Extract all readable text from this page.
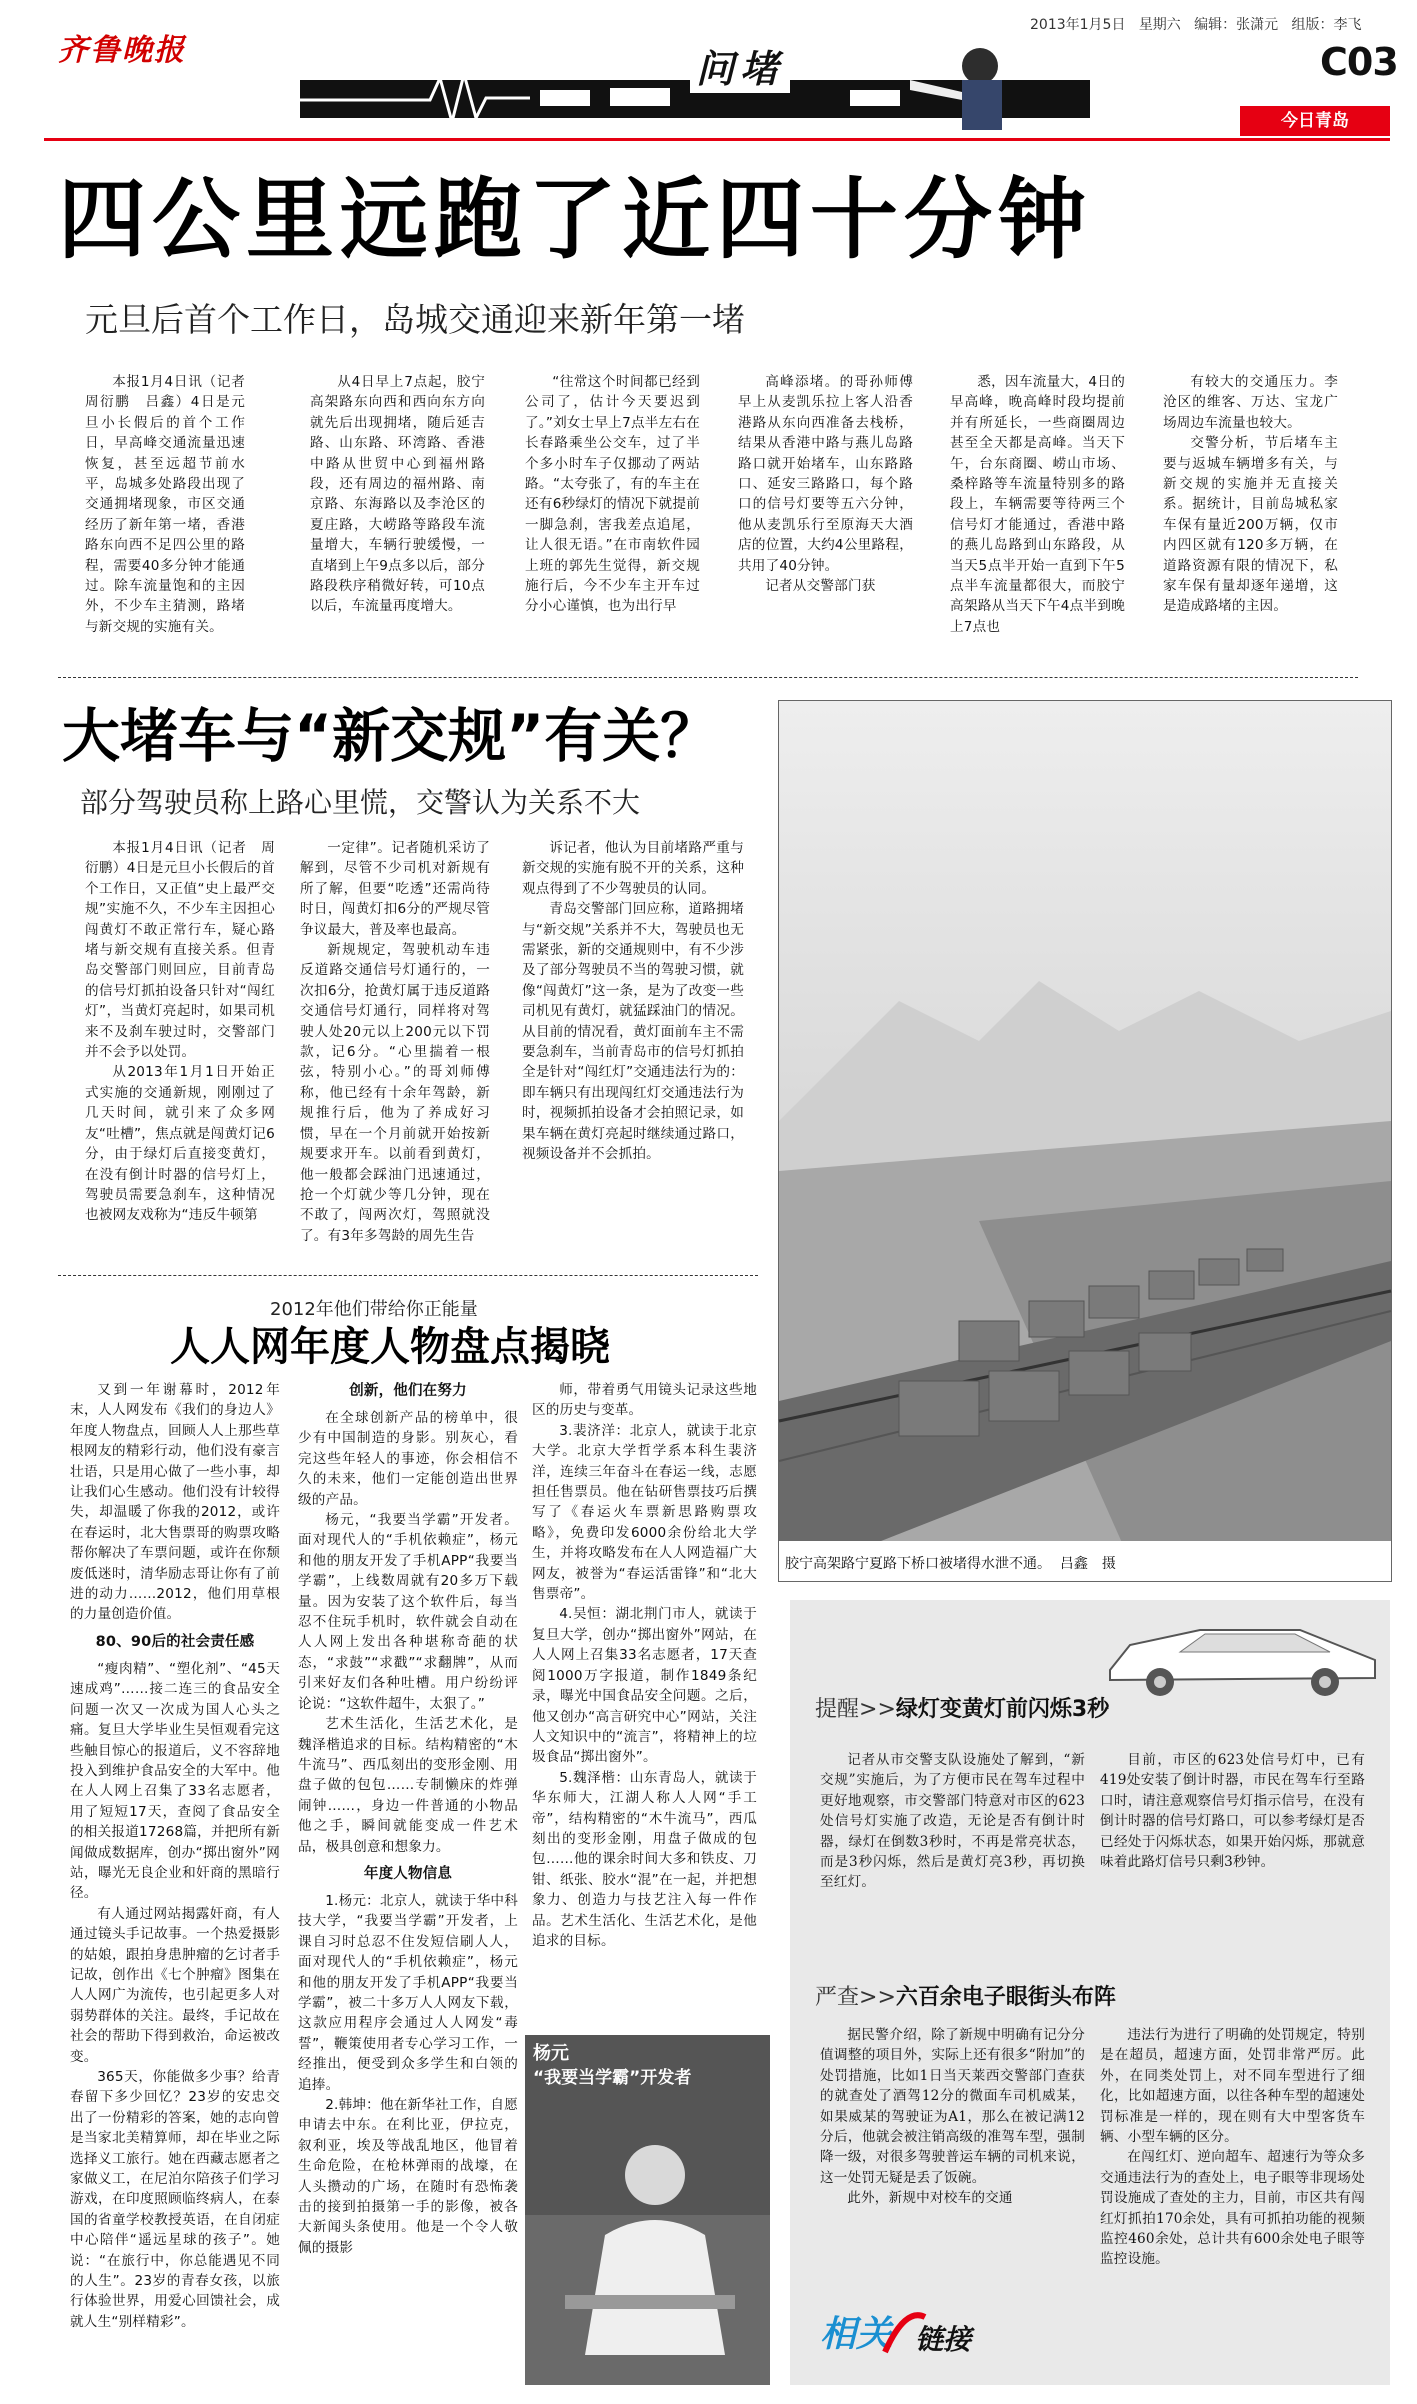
齐鲁晚报
2013年1月5日 星期六 编辑：张潇元 组版：李飞
问堵	C03
今日青岛
四公里远跑了近四十分钟
元旦后首个工作日，岛城交通迎来新年第一堵

本报1月4日讯（记者　周衍鹏　吕鑫）4日是元旦小长假后的首个工作日，早高峰交通流量迅速恢复，甚至远超节前水平，岛城多处路段出现了交通拥堵现象，市区交通经历了新年第一堵，香港路东向西不足四公里的路程，需要40多分钟才能通过。除车流量饱和的主因外，不少车主猜测，路堵与新交规的实施有关。

从4日早上7点起，胶宁高架路东向西和西向东方向就先后出现拥堵，随后延吉路、山东路、环湾路、香港中路从世贸中心到福州路段，还有周边的福州路、南京路、东海路以及李沧区的夏庄路，大崂路等路段车流量增大，车辆行驶缓慢，一直堵到上午9点多以后，部分路段秩序稍微好转，可10点以后，车流量再度增大。

“往常这个时间都已经到公司了，估计今天要迟到了。”刘女士早上7点半左右在长春路乘坐公交车，过了半个多小时车子仅挪动了两站路。“太夸张了，有的车主在还有6秒绿灯的情况下就提前一脚急刹，害我差点追尾，让人很无语。”在市南软件园上班的郭先生觉得，新交规施行后，今不少车主开车过分小心谨慎，也为出行早

高峰添堵。的哥孙师傅早上从麦凯乐拉上客人沿香港路从东向西准备去栈桥，结果从香港中路与燕儿岛路路口就开始堵车，山东路路口、延安三路路口，每个路口的信号灯要等五六分钟，他从麦凯乐行至原海天大酒店的位置，大约4公里路程，共用了40分钟。

记者从交警部门获

悉，因车流量大，4日的早高峰，晚高峰时段均提前并有所延长，一些商圈周边甚至全天都是高峰。当天下午，台东商圈、崂山市场、桑梓路等车流量特别多的路段上，车辆需要等待两三个信号灯才能通过，香港中路的燕儿岛路到山东路段，从当天5点半开始一直到下午5点半车流量都很大，而胶宁高架路从当天下午4点半到晚上7点也

有较大的交通压力。李沧区的维客、万达、宝龙广场周边车流量也较大。

交警分析，节后堵车主要与返城车辆增多有关，与新交规的实施并无直接关系。据统计，目前岛城私家车保有量近200万辆，仅市内四区就有120多万辆，在道路资源有限的情况下，私家车保有量却逐年递增，这是造成路堵的主因。

大堵车与“新交规”有关？
部分驾驶员称上路心里慌，交警认为关系不大

本报1月4日讯（记者　周衍鹏）4日是元旦小长假后的首个工作日，又正值“史上最严交规”实施不久，不少车主因担心闯黄灯不敢正常行车，疑心路堵与新交规有直接关系。但青岛交警部门则回应，目前青岛的信号灯抓拍设备只针对“闯红灯”，当黄灯亮起时，如果司机来不及刹车驶过时，交警部门并不会予以处罚。

从2013年1月1日开始正式实施的交通新规，刚刚过了几天时间，就引来了众多网友“吐槽”，焦点就是闯黄灯记6分，由于绿灯后直接变黄灯，在没有倒计时器的信号灯上，驾驶员需要急刹车，这种情况也被网友戏称为“违反牛顿第

一定律”。记者随机采访了解到，尽管不少司机对新规有所了解，但要“吃透”还需尚待时日，闯黄灯扣6分的严规尽管争议最大，普及率也最高。

新规规定，驾驶机动车违反道路交通信号灯通行的，一次扣6分，抢黄灯属于违反道路交通信号灯通行，同样将对驾驶人处20元以上200元以下罚款，记6分。“心里揣着一根弦，特别小心。”的哥刘师傅称，他已经有十余年驾龄，新规推行后，他为了养成好习惯，早在一个月前就开始按新规要求开车。以前看到黄灯，他一般都会踩油门迅速通过，抢一个灯就少等几分钟，现在不敢了，闯两次灯，驾照就没了。有3年多驾龄的周先生告

诉记者，他认为目前堵路严重与新交规的实施有脱不开的关系，这种观点得到了不少驾驶员的认同。

青岛交警部门回应称，道路拥堵与“新交规”关系并不大，驾驶员也无需紧张，新的交通规则中，有不少涉及了部分驾驶员不当的驾驶习惯，就像“闯黄灯”这一条，是为了改变一些司机见有黄灯，就猛踩油门的情况。从目前的情况看，黄灯面前车主不需要急刹车，当前青岛市的信号灯抓拍全是针对“闯红灯”交通违法行为的：即车辆只有出现闯红灯交通违法行为时，视频抓拍设备才会拍照记录，如果车辆在黄灯亮起时继续通过路口，视频设备并不会抓拍。

胶宁高架路宁夏路下桥口被堵得水泄不通。 吕鑫　摄
2012年他们带给你正能量
人人网年度人物盘点揭晓

又到一年谢幕时，2012年末，人人网发布《我们的身边人》年度人物盘点，回顾人人上那些草根网友的精彩行动，他们没有豪言壮语，只是用心做了一些小事，却让我们心生感动。他们没有计较得失，却温暖了你我的2012，或许在春运时，北大售票哥的购票攻略帮你解决了车票问题，或许在你颓废低迷时，清华励志哥让你有了前进的动力……2012，他们用草根的力量创造价值。

80、90后的社会责任感

“瘦肉精”、“塑化剂”、“45天速成鸡”……接二连三的食品安全问题一次又一次成为国人心头之痛。复旦大学毕业生吴恒观看完这些触目惊心的报道后，义不容辞地投入到维护食品安全的大军中。他在人人网上召集了33名志愿者，用了短短17天，查阅了食品安全的相关报道17268篇，并把所有新闻做成数据库，创办“掷出窗外”网站，曝光无良企业和奸商的黑暗行径。

有人通过网站揭露奸商，有人通过镜头手记故事。一个热爱摄影的姑娘，跟拍身患肿瘤的乞讨者手记故，创作出《七个肿瘤》图集在人人网广为流传，也引起更多人对弱势群体的关注。最终，手记故在社会的帮助下得到救治，命运被改变。

365天，你能做多少事？给青春留下多少回忆？23岁的安忠交出了一份精彩的答案，她的志向曾是当家北美精算师，却在毕业之际选择义工旅行。她在西藏志愿者之家做义工，在尼泊尔陪孩子们学习游戏，在印度照顾临终病人，在泰国的省童学校教授英语，在自闭症中心陪伴“遥远星球的孩子”。她说：“在旅行中，你总能遇见不同的人生”。23岁的青春女孩，以旅行体验世界，用爱心回馈社会，成就人生“别样精彩”。

创新，他们在努力

在全球创新产品的榜单中，很少有中国制造的身影。别灰心，看完这些年轻人的事迹，你会相信不久的未来，他们一定能创造出世界级的产品。

杨元，“我要当学霸”开发者。面对现代人的“手机依赖症”，杨元和他的朋友开发了手机APP“我要当学霸”，上线数周就有20多万下载量。因为安装了这个软件后，每当忍不住玩手机时，软件就会自动在人人网上发出各种堪称奇葩的状态，“求鼓”“求戳”“求翻牌”，从而引来好友们各种吐槽。用户纷纷评论说：“这软件超牛，太狠了。”

艺术生活化，生活艺术化，是魏泽楷追求的目标。结构精密的“木牛流马”、西瓜刻出的变形金刚、用盘子做的包包……专制懒床的炸弹闹钟……，身边一件普通的小物品他之手，瞬间就能变成一件艺术品，极具创意和想象力。

年度人物信息

1.杨元：北京人，就读于华中科技大学，“我要当学霸”开发者，上课自习时总忍不住发短信刷人人，面对现代人的“手机依赖症”，杨元和他的朋友开发了手机APP“我要当学霸”，被二十多万人人网友下载，这款应用程序会通过人人网发“毒誓”，鞭策使用者专心学习工作，一经推出，便受到众多学生和白领的追捧。

2.韩坤：他在新华社工作，自愿申请去中东。在利比亚，伊拉克，叙利亚，埃及等战乱地区，他冒着生命危险，在枪林弹雨的战壕，在人头攒动的广场，在随时有恐怖袭击的接到拍摄第一手的影像，被各大新闻头条使用。他是一个令人敬佩的摄影

师，带着勇气用镜头记录这些地区的历史与变革。

3.裴济洋：北京人，就读于北京大学。北京大学哲学系本科生裴济洋，连续三年奋斗在春运一线，志愿担任售票员。他在钻研售票技巧后撰写了《春运火车票新思路购票攻略》，免费印发6000余份给北大学生，并将攻略发布在人人网造福广大网友，被誉为“春运活雷锋”和“北大售票帝”。

4.吴恒：湖北荆门市人，就读于复旦大学，创办“掷出窗外”网站，在人人网上召集33名志愿者，17天查阅1000万字报道，制作1849条纪录，曝光中国食品安全问题。之后，他又创办“高言研究中心”网站，关注人文知识中的“流言”，将精神上的垃圾食品“掷出窗外”。

5.魏泽楷：山东青岛人，就读于华东师大，江湖人称人人网“手工帝”，结构精密的“木牛流马”，西瓜刻出的变形金刚，用盘子做成的包包……他的课余时间大多和铁皮、刀钳、纸张、胶水“混”在一起，并把想象力、创造力与技艺注入每一件作品。艺术生活化、生活艺术化，是他追求的目标。

杨元
“我要当学霸”开发者
提醒>>绿灯变黄灯前闪烁3秒

记者从市交警支队设施处了解到，“新交规”实施后，为了方便市民在驾车过程中更好地观察，市交警部门特意对市区的623处信号灯实施了改造，无论是否有倒计时器，绿灯在倒数3秒时，不再是常亮状态，而是3秒闪烁，然后是黄灯亮3秒，再切换至红灯。

目前，市区的623处信号灯中，已有419处安装了倒计时器，市民在驾车行至路口时，请注意观察信号灯指示信号，在没有倒计时器的信号灯路口，可以参考绿灯是否已经处于闪烁状态，如果开始闪烁，那就意味着此路灯信号只剩3秒钟。

严查>>六百余电子眼街头布阵

据民警介绍，除了新规中明确有记分分值调整的项目外，实际上还有很多“附加”的处罚措施，比如1日当天莱西交警部门查获的就查处了酒驾12分的微面车司机威某，如果威某的驾驶证为A1，那么在被记满12分后，他就会被注销高级的准驾车型，强制降一级，对很多驾驶普运车辆的司机来说，这一处罚无疑是丢了饭碗。

此外，新规中对校车的交通

违法行为进行了明确的处罚规定，特别是在超员，超速方面，处罚非常严厉。此外，在同类处罚上，对不同车型进行了细化，比如超速方面，以往各种车型的超速处罚标准是一样的，现在则有大中型客货车辆、小型车辆的区分。

在闯红灯、逆向超车、超速行为等众多交通违法行为的查处上，电子眼等非现场处罚设施成了查处的主力，目前，市区共有闯红灯抓拍170余处，具有可抓拍功能的视频监控460余处，总计共有600余处电子眼等监控设施。

相关 链接
